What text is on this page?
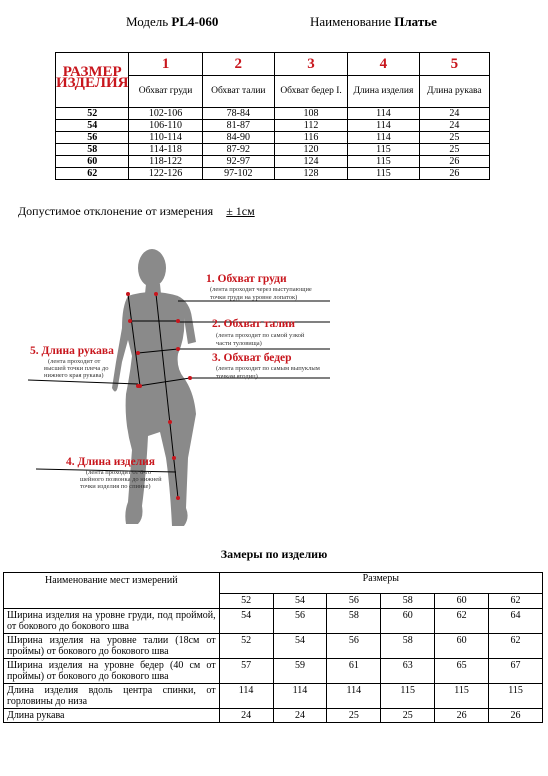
Модель PL4-060	Наименование Платье
РАЗМЕР ИЗДЕЛИЯ	1	2	3	4	5
	Обхват груди	Обхват талии	Обхват бедер I.	Длина изделия	Длина рукава
52	102-106	78-84	108	114	24
54	106-110	81-87	112	114	24
56	110-114	84-90	116	114	25
58	114-118	87-92	120	115	25
60	118-122	92-97	124	115	26
62	122-126	97-102	128	115	26
Допустимое отклонение от измерения ± 1см
1. Обхват груди
(лента проходит через выступающие
точки груди на уровне лопаток)
2. Обхват талии
(лента проходит по самой узкой
части туловища)
3. Обхват бедер
(лента проходит по самым выпуклым
точкам ягодиц)
5. Длина рукава
(лента проходит от
высшей точки плеча до
нижнего края рукава)
4. Длина изделия
(лента проходит от 6-го
шейного позвонка до нижней
точки изделия по спинке)
Замеры по изделию
Наименование мест измерений	Размеры					
	52	54	56	58	60	62
Ширина изделия на уровне груди, под проймой, от бокового до бокового шва	54	56	58	60	62	64
Ширина изделия на уровне талии (18см от проймы) от бокового до бокового шва	52	54	56	58	60	62
Ширина изделия на уровне бедер (40 см от проймы) от бокового до бокового шва	57	59	61	63	65	67
Длина изделия вдоль центра спинки, от горловины до низа	114	114	114	115	115	115
Длина рукава	24	24	25	25	26	26
